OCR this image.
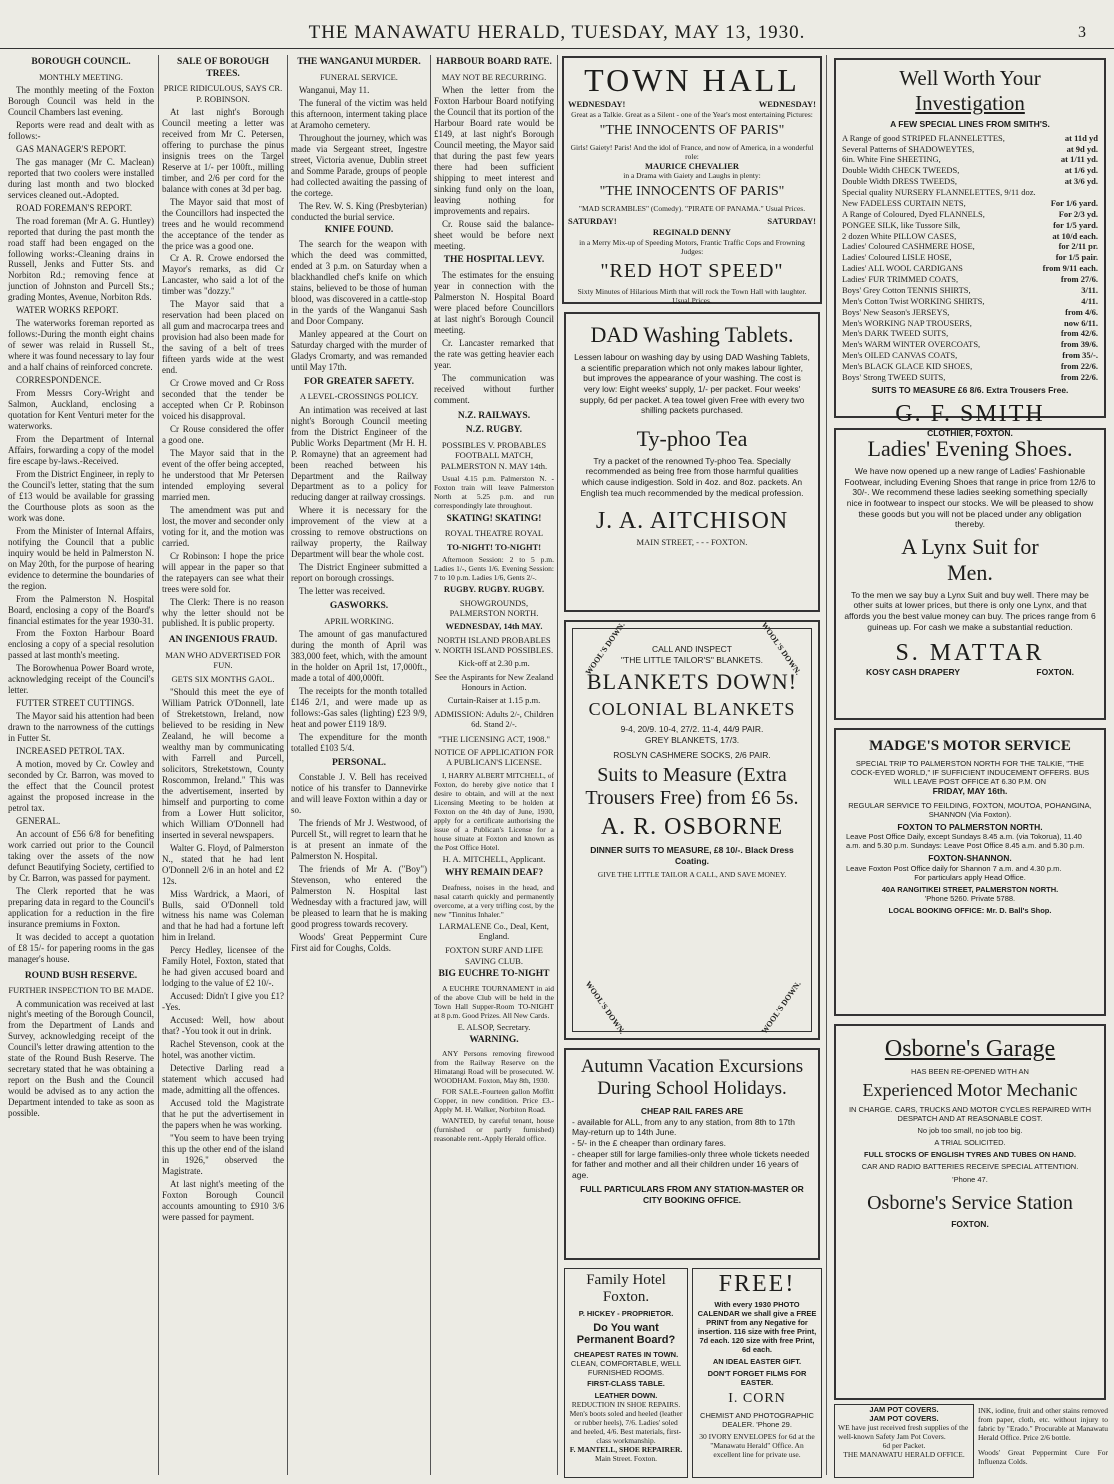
THE MANAWATU HERALD, TUESDAY, MAY 13, 1930.	3
BOROUGH COUNCIL.
MONTHLY MEETING.

The monthly meeting of the Foxton Borough Council was held in the Council Chambers last evening.

Reports were read and dealt with as follows:-

GAS MANAGER'S REPORT.

The gas manager (Mr C. Maclean) reported that two coolers were installed during last month and two blocked services cleaned out.-Adopted.

ROAD FOREMAN'S REPORT.

The road foreman (Mr A. G. Huntley) reported that during the past month the road staff had been engaged on the following works:-Cleaning drains in Russell, Jenks and Futter Sts. and Norbiton Rd.; removing fence at junction of Johnston and Purcell Sts.; grading Montes, Avenue, Norbiton Rds.

WATER WORKS REPORT.

The waterworks foreman reported as follows:-During the month eight chains of sewer was relaid in Russell St., where it was found necessary to lay four and a half chains of reinforced concrete.

CORRESPONDENCE.

From Messrs Cory-Wright and Salmon, Auckland, enclosing a quotation for Kent Venturi meter for the waterworks.

From the Department of Internal Affairs, forwarding a copy of the model fire escape by-laws.-Received.

From the District Engineer, in reply to the Council's letter, stating that the sum of £13 would be available for grassing the Courthouse plots as soon as the work was done.

From the Minister of Internal Affairs, notifying the Council that a public inquiry would be held in Palmerston N. on May 20th, for the purpose of hearing evidence to determine the boundaries of the region.

From the Palmerston N. Hospital Board, enclosing a copy of the Board's financial estimates for the year 1930-31.

From the Foxton Harbour Board enclosing a copy of a special resolution passed at last month's meeting.

The Borowhenua Power Board wrote, acknowledging receipt of the Council's letter.

FUTTER STREET CUTTINGS.

The Mayor said his attention had been drawn to the narrowness of the cuttings in Futter St.

INCREASED PETROL TAX.

A motion, moved by Cr. Cowley and seconded by Cr. Barron, was moved to the effect that the Council protest against the proposed increase in the petrol tax.

GENERAL.

An account of £56 6/8 for benefiting work carried out prior to the Council taking over the assets of the now defunct Beautifying Society, certified to by Cr. Barron, was passed for payment.

The Clerk reported that he was preparing data in regard to the Council's application for a reduction in the fire insurance premiums in Foxton.

It was decided to accept a quotation of £8 15/- for papering rooms in the gas manager's house.

ROUND BUSH RESERVE.
FURTHER INSPECTION TO BE MADE.

A communication was received at last night's meeting of the Borough Council, from the Department of Lands and Survey, acknowledging receipt of the Council's letter drawing attention to the state of the Round Bush Reserve. The secretary stated that he was obtaining a report on the Bush and the Council would be advised as to any action the Department intended to take as soon as possible.

SALE OF BOROUGH TREES.
PRICE RIDICULOUS, SAYS CR. P. ROBINSON.

At last night's Borough Council meeting a letter was received from Mr C. Petersen, offering to purchase the pinus insignis trees on the Targel Reserve at 1/- per 100ft., milling timber, and 2/6 per cord for the balance with cones at 3d per bag.

The Mayor said that most of the Councillors had inspected the trees and he would recommend the acceptance of the tender as the price was a good one.

Cr A. R. Crowe endorsed the Mayor's remarks, as did Cr Lancaster, who said a lot of the timber was "dozzy."

The Mayor said that a reservation had been placed on all gum and macrocarpa trees and provision had also been made for the saving of a belt of trees fifteen yards wide at the west end.

Cr Crowe moved and Cr Ross seconded that the tender be accepted when Cr P. Robinson voiced his disapproval.

Cr Rouse considered the offer a good one.

The Mayor said that in the event of the offer being accepted, he understood that Mr Petersen intended employing several married men.

The amendment was put and lost, the mover and seconder only voting for it, and the motion was carried.

Cr Robinson: I hope the price will appear in the paper so that the ratepayers can see what their trees were sold for.

The Clerk: There is no reason why the letter should not be published. It is public property.

AN INGENIOUS FRAUD.
MAN WHO ADVERTISED FOR FUN.
GETS SIX MONTHS GAOL.

"Should this meet the eye of William Patrick O'Donnell, late of Streketstown, Ireland, now believed to be residing in New Zealand, he will become a wealthy man by communicating with Farrell and Purcell, solicitors, Streketstown, County Roscommon, Ireland." This was the advertisement, inserted by himself and purporting to come from a Lower Hutt solicitor, which William O'Donnell had inserted in several newspapers.

Walter G. Floyd, of Palmerston N., stated that he had lent O'Donnell 2/6 in an hotel and £2 12s.

Miss Wardrick, a Maori, of Bulls, said O'Donnell told witness his name was Coleman and that he had had a fortune left him in Ireland.

Percy Hedley, licensee of the Family Hotel, Foxton, stated that he had given accused board and lodging to the value of £2 10/-.

Accused: Didn't I give you £1? -Yes.

Accused: Well, how about that? -You took it out in drink.

Rachel Stevenson, cook at the hotel, was another victim.

Detective Darling read a statement which accused had made, admitting all the offences.

Accused told the Magistrate that he put the advertisement in the papers when he was working.

"You seem to have been trying this up the other end of the island in 1926," observed the Magistrate.

At last night's meeting of the Foxton Borough Council accounts amounting to £910 3/6 were passed for payment.

THE WANGANUI MURDER.
FUNERAL SERVICE.

Wanganui, May 11.

The funeral of the victim was held this afternoon, interment taking place at Aramoho cemetery.

Throughout the journey, which was made via Sergeant street, Ingestre street, Victoria avenue, Dublin street and Somme Parade, groups of people had collected awaiting the passing of the cortege.

The Rev. W. S. King (Presbyterian) conducted the burial service.

KNIFE FOUND.

The search for the weapon with which the deed was committed, ended at 3 p.m. on Saturday when a blackhandled chef's knife on which stains, believed to be those of human blood, was discovered in a cattle-stop in the yards of the Wanganui Sash and Door Company.

Manley appeared at the Court on Saturday charged with the murder of Gladys Cromarty, and was remanded until May 17th.

FOR GREATER SAFETY.
A LEVEL-CROSSINGS POLICY.

An intimation was received at last night's Borough Council meeting from the District Engineer of the Public Works Department (Mr H. H. P. Romayne) that an agreement had been reached between his Department and the Railway Department as to a policy for reducing danger at railway crossings.

Where it is necessary for the improvement of the view at a crossing to remove obstructions on railway property, the Railway Department will bear the whole cost.

The District Engineer submitted a report on borough crossings.

The letter was received.

GASWORKS.
APRIL WORKING.

The amount of gas manufactured during the month of April was 383,000 feet, which, with the amount in the holder on April 1st, 17,000ft., made a total of 400,000ft.

The receipts for the month totalled £146 2/1, and were made up as follows:-Gas sales (lighting) £23 9/9, heat and power £119 18/9.

The expenditure for the month totalled £103 5/4.

PERSONAL.

Constable J. V. Bell has received notice of his transfer to Dannevirke and will leave Foxton within a day or so.

The friends of Mr J. Westwood, of Purcell St., will regret to learn that he is at present an inmate of the Palmerston N. Hospital.

The friends of Mr A. ("Boy") Stevenson, who entered the Palmerston N. Hospital last Wednesday with a fractured jaw, will be pleased to learn that he is making good progress towards recovery.

Woods' Great Peppermint Cure First aid for Coughs, Colds.

HARBOUR BOARD RATE.
MAY NOT BE RECURRING.

When the letter from the Foxton Harbour Board notifying the Council that its portion of the Harbour Board rate would be £149, at last night's Borough Council meeting, the Mayor said that during the past few years there had been sufficient shipping to meet interest and sinking fund only on the loan, leaving nothing for improvements and repairs.

Cr. Rouse said the balance-sheet would be before next meeting.

THE HOSPITAL LEVY.

The estimates for the ensuing year in connection with the Palmerston N. Hospital Board were placed before Councillors at last night's Borough Council meeting.

Cr. Lancaster remarked that the rate was getting heavier each year.

The communication was received without further comment.

N.Z. RAILWAYS.
N.Z. RUGBY.
POSSIBLES V. PROBABLES FOOTBALL MATCH, PALMERSTON N. MAY 14th.

Usual 4.15 p.m. Palmerston N. - Foxton train will leave Palmerston North at 5.25 p.m. and run correspondingly late throughout.

SKATING! SKATING!
ROYAL THEATRE ROYAL
TO-NIGHT! TO-NIGHT!

Afternoon Session: 2 to 5 p.m. Ladies 1/-, Gents 1/6. Evening Session: 7 to 10 p.m. Ladies 1/6, Gents 2/-.

RUGBY. RUGBY. RUGBY.
SHOWGROUNDS, PALMERSTON NORTH.
WEDNESDAY, 14th MAY.
NORTH ISLAND PROBABLES v. NORTH ISLAND POSSIBLES.
Kick-off at 2.30 p.m.
See the Aspirants for New Zealand Honours in Action.
Curtain-Raiser at 1.15 p.m.
ADMISSION: Adults 2/-, Children 6d. Stand 2/-.
"THE LICENSING ACT, 1908."
NOTICE OF APPLICATION FOR A PUBLICAN'S LICENSE.

I, HARRY ALBERT MITCHELL, of Foxton, do hereby give notice that I desire to obtain, and will at the next Licensing Meeting to be holden at Foxton on the 4th day of June, 1930, apply for a certificate authorising the issue of a Publican's License for a house situate at Foxton and known as the Post Office Hotel.

H. A. MITCHELL, Applicant.
WHY REMAIN DEAF?

Deafness, noises in the head, and nasal catarrh quickly and permanently overcome, at a very trifling cost, by the new "Tinnitus Inhaler."

LARMALENE Co., Deal, Kent, England.
FOXTON SURF AND LIFE SAVING CLUB.
BIG EUCHRE TO-NIGHT

A EUCHRE TOURNAMENT in aid of the above Club will be held in the Town Hall Supper-Room TO-NIGHT at 8 p.m. Good Prizes. All New Cards.

E. ALSOP, Secretary.
WARNING.

ANY Persons removing firewood from the Railway Reserve on the Himatangi Road will be prosecuted. W. WOODHAM. Foxton, May 8th, 1930.

FOR SALE.-Fourteen gallon Moffitt Copper, in new condition. Price £3.-Apply M. H. Walker, Norbiton Road.

WANTED, by careful tenant, house (furnished or partly furnished) reasonable rent.-Apply Herald office.

TOWN HALL
WEDNESDAY!	WEDNESDAY!
Great as a Talkie. Great as a Silent - one of the Year's most entertaining Pictures:
"THE INNOCENTS OF PARIS"
Girls! Gaiety! Paris! And the idol of France, and now of America, in a wonderful role:
MAURICE CHEVALIER
in a Drama with Gaiety and Laughs in plenty:
"THE INNOCENTS OF PARIS"
"MAD SCRAMBLES" (Comedy). "PIRATE OF PANAMA." Usual Prices.
SATURDAY!	SATURDAY!
REGINALD DENNY
in a Merry Mix-up of Speeding Motors, Frantic Traffic Cops and Frowning Judges:
"RED HOT SPEED"
Sixty Minutes of Hilarious Mirth that will rock the Town Hall with laughter. Usual Prices.
DAD Washing Tablets.
Lessen labour on washing day by using DAD Washing Tablets, a scientific preparation which not only makes labour lighter, but improves the appearance of your washing. The cost is very low: Eight weeks' supply, 1/- per packet. Four weeks' supply, 6d per packet. A tea towel given Free with every two shilling packets purchased.
Ty-phoo Tea
Try a packet of the renowned Ty-phoo Tea. Specially recommended as being free from those harmful qualities which cause indigestion. Sold in 4oz. and 8oz. packets. An English tea much recommended by the medical profession.
J. A. AITCHISON
MAIN STREET, - - - FOXTON.
WOOL'S DOWN.	WOOL'S DOWN.
WOOL'S DOWN.	WOOL'S DOWN.
CALL AND INSPECT
"THE LITTLE TAILOR'S" BLANKETS.
BLANKETS DOWN!
COLONIAL BLANKETS
9-4, 20/9. 10-4, 27/2. 11-4, 44/9 PAIR.
GREY BLANKETS, 17/3.
ROSLYN CASHMERE SOCKS, 2/6 PAIR.
Suits to Measure (Extra Trousers Free) from £6 5s.
A. R. OSBORNE
DINNER SUITS TO MEASURE, £8 10/-. Black Dress Coating.
GIVE THE LITTLE TAILOR A CALL, AND SAVE MONEY.
Autumn Vacation Excursions During School Holidays.
CHEAP RAIL FARES ARE
- available for ALL, from any to any station, from 8th to 17th May-return up to 14th June.
- 5/- in the £ cheaper than ordinary fares.
- cheaper still for large families-only three whole tickets needed for father and mother and all their children under 16 years of age.
FULL PARTICULARS FROM ANY STATION-MASTER OR CITY BOOKING OFFICE.
Family Hotel Foxton.
P. HICKEY - PROPRIETOR.
Do You want Permanent Board?
CHEAPEST RATES IN TOWN.
CLEAN, COMFORTABLE, WELL FURNISHED ROOMS.
FIRST-CLASS TABLE.
LEATHER DOWN.
REDUCTION IN SHOE REPAIRS.
Men's boots soled and heeled (leather or rubber heels), 7/6. Ladies' soled and heeled, 4/6. Best materials, first-class workmanship.
F. MANTELL, SHOE REPAIRER.
Main Street. Foxton.
FREE!
With every 1930 PHOTO CALENDAR we shall give a FREE PRINT from any Negative for insertion. 116 size with free Print, 7d each. 120 size with free Print, 6d each.
AN IDEAL EASTER GIFT.
DON'T FORGET FILMS FOR EASTER.
I. CORN
CHEMIST AND PHOTOGRAPHIC DEALER. 'Phone 29.
30 IVORY ENVELOPES for 6d at the "Manawatu Herald" Office. An excellent line for private use.
Well Worth Your
Investigation
A FEW SPECIAL LINES FROM SMITH'S.
A Range of good STRIPED FLANNELETTES,	at 11d yd
Several Patterns of SHADOWEYTES,	at 9d yd.
6in. White Fine SHEETING,	at 1/11 yd.
Double Width CHECK TWEEDS,	at 1/6 yd.
Double Width DRESS TWEEDS,	at 3/6 yd.
Special quality NURSERY FLANNELETTES, 9/11 doz.
New FADELESS CURTAIN NETS,	For 1/6 yard.
A Range of Coloured, Dyed FLANNELS,	For 2/3 yd.
PONGEE SILK, like Tussore Silk,	for 1/5 yard.
2 dozen White PILLOW CASES,	at 10/d each.
Ladies' Coloured CASHMERE HOSE,	for 2/11 pr.
Ladies' Coloured LISLE HOSE,	for 1/5 pair.
Ladies' ALL WOOL CARDIGANS	from 9/11 each.
Ladies' FUR TRIMMED COATS,	from 27/6.
Boys' Grey Cotton TENNIS SHIRTS,	3/11.
Men's Cotton Twist WORKING SHIRTS,	4/11.
Boys' New Season's JERSEYS,	from 4/6.
Men's WORKING NAP TROUSERS,	now 6/11.
Men's DARK TWEED SUITS,	from 42/6.
Men's WARM WINTER OVERCOATS,	from 39/6.
Men's OILED CANVAS COATS,	from 35/-.
Men's BLACK GLACE KID SHOES,	from 22/6.
Boys' Strong TWEED SUITS,	from 22/6.
SUITS TO MEASURE £6 8/6. Extra Trousers Free.
G. F. SMITH
CLOTHIER, FOXTON.
Ladies' Evening Shoes.
We have now opened up a new range of Ladies' Fashionable Footwear, including Evening Shoes that range in price from 12/6 to 30/-. We recommend these ladies seeking something specially nice in footwear to inspect our stocks. We will be pleased to show these goods but you will not be placed under any obligation thereby.
A Lynx Suit for Men.
To the men we say buy a Lynx Suit and buy well. There may be other suits at lower prices, but there is only one Lynx, and that affords you the best value money can buy. The prices range from 6 guineas up. For cash we make a substantial reduction.
S. MATTAR
KOSY CASH DRAPERY	FOXTON.
MADGE'S MOTOR SERVICE
SPECIAL TRIP TO PALMERSTON NORTH FOR THE TALKIE, "THE COCK-EYED WORLD," IF SUFFICIENT INDUCEMENT OFFERS. BUS WILL LEAVE POST OFFICE AT 6.30 P.M. ON
FRIDAY, MAY 16th.
REGULAR SERVICE TO FEILDING, FOXTON, MOUTOA, POHANGINA, SHANNON (Via Foxton).
FOXTON TO PALMERSTON NORTH.
Leave Post Office Daily, except Sundays 8.45 a.m. (via Tokorua), 11.40 a.m. and 5.30 p.m. Sundays: Leave Post Office 8.45 a.m. and 5.30 p.m.
FOXTON-SHANNON.
Leave Foxton Post Office daily for Shannon 7 a.m. and 4.30 p.m.
For particulars apply Head Office.
40A RANGITIKEI STREET, PALMERSTON NORTH.
'Phone 5260. Private 5788.
LOCAL BOOKING OFFICE: Mr. D. Ball's Shop.
Osborne's Garage
HAS BEEN RE-OPENED WITH AN
Experienced Motor Mechanic
IN CHARGE. CARS, TRUCKS AND MOTOR CYCLES REPAIRED WITH DESPATCH AND AT REASONABLE COST.
No job too small, no job too big.
A TRIAL SOLICITED.
FULL STOCKS OF ENGLISH TYRES AND TUBES ON HAND.
CAR AND RADIO BATTERIES RECEIVE SPECIAL ATTENTION.
'Phone 47.
Osborne's Service Station
FOXTON.
JAM POT COVERS.
JAM POT COVERS.
WE have just received fresh supplies of the well-known Safety Jam Pot Covers.
6d per Packet.
THE MANAWATU HERALD OFFICE.

INK, iodine, fruit and other stains removed from paper, cloth, etc. without injury to fabric by "Erado." Procurable at Manawatu Herald Office. Price 2/6 bottle.

Woods' Great Peppermint Cure For Influenza Colds.
